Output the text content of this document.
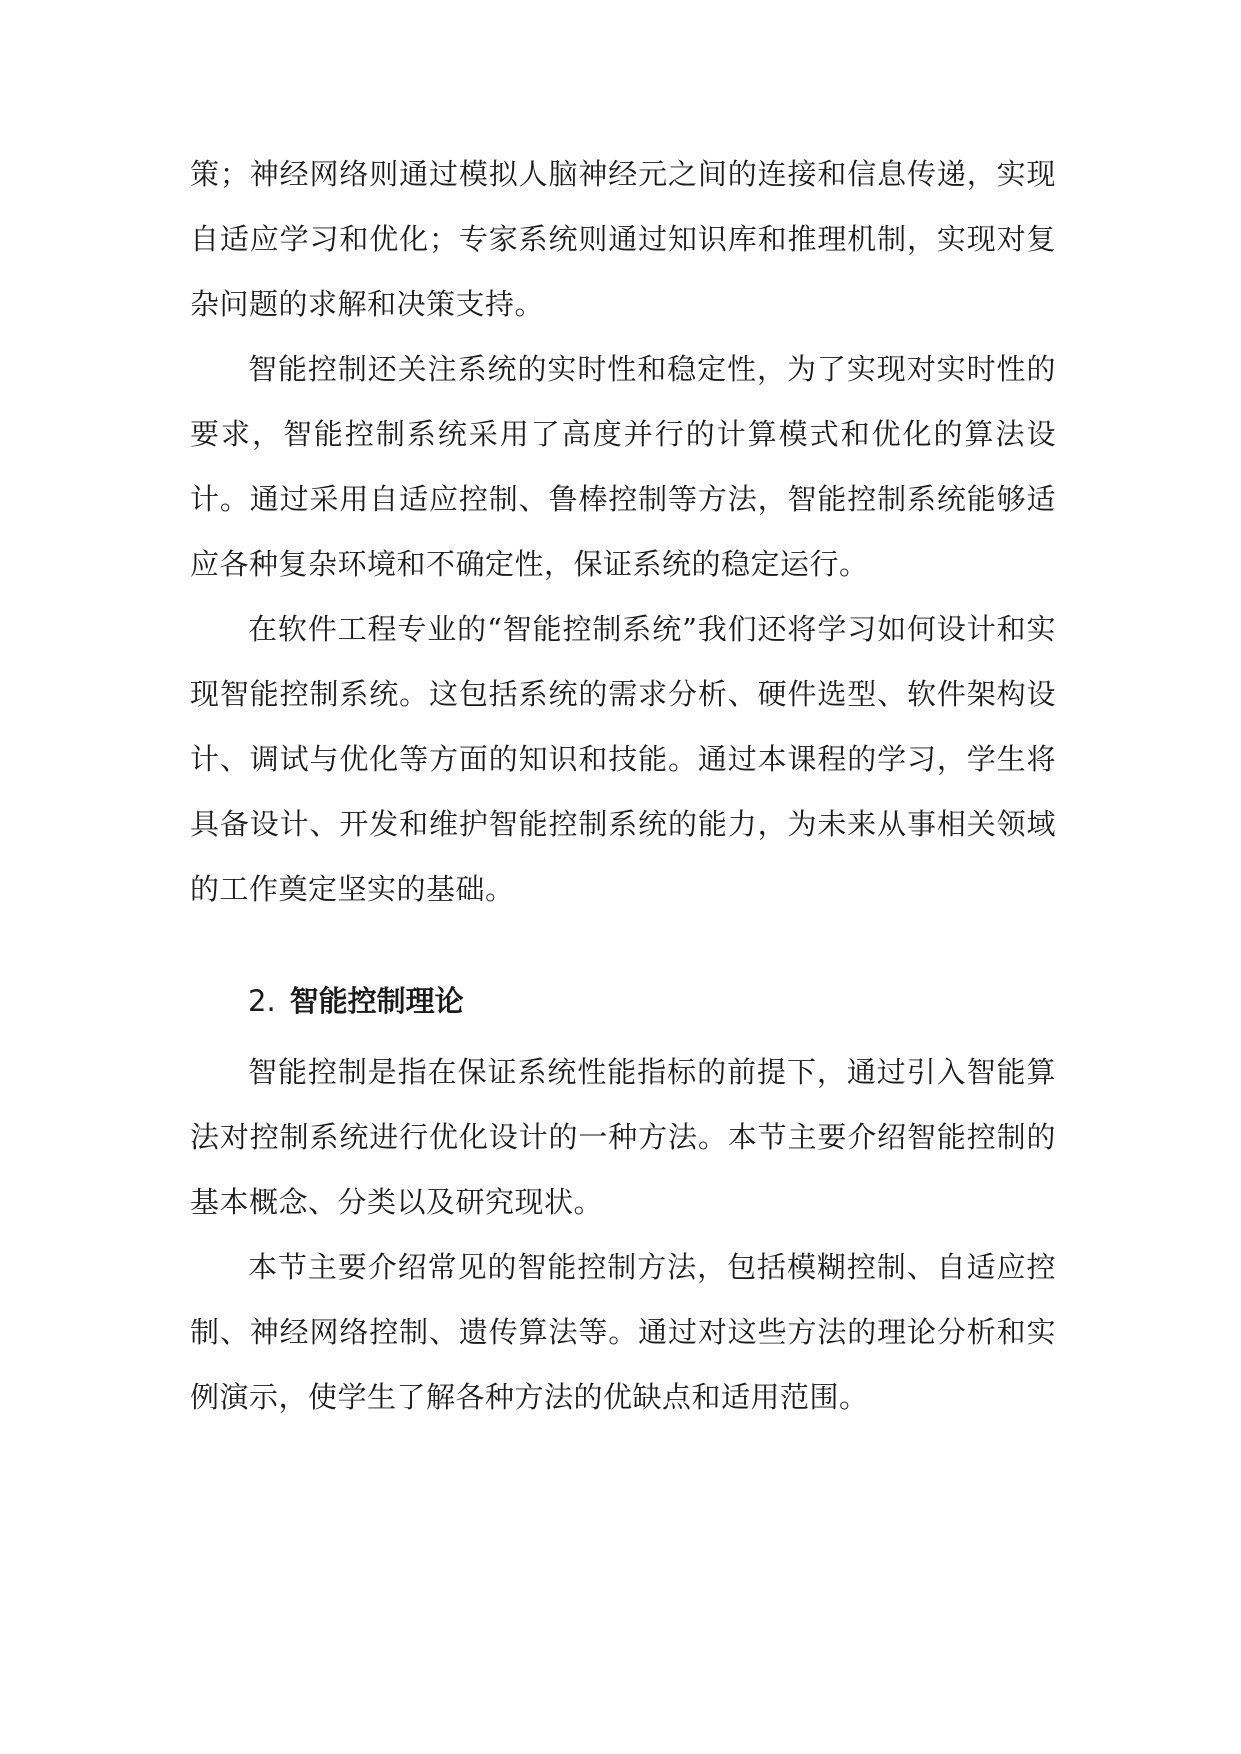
策；神经网络则通过模拟人脑神经元之间的连接和信息传递，实现自适应学习和优化；专家系统则通过知识库和推理机制，实现对复杂问题的求解和决策支持。

智能控制还关注系统的实时性和稳定性，为了实现对实时性的要求，智能控制系统采用了高度并行的计算模式和优化的算法设计。通过采用自适应控制、鲁棒控制等方法，智能控制系统能够适应各种复杂环境和不确定性，保证系统的稳定运行。

在软件工程专业的“智能控制系统”我们还将学习如何设计和实现智能控制系统。这包括系统的需求分析、硬件选型、软件架构设计、调试与优化等方面的知识和技能。通过本课程的学习，学生将具备设计、开发和维护智能控制系统的能力，为未来从事相关领域的工作奠定坚实的基础。

2. 智能控制理论

智能控制是指在保证系统性能指标的前提下，通过引入智能算法对控制系统进行优化设计的一种方法。本节主要介绍智能控制的基本概念、分类以及研究现状。

本节主要介绍常见的智能控制方法，包括模糊控制、自适应控制、神经网络控制、遗传算法等。通过对这些方法的理论分析和实例演示，使学生了解各种方法的优缺点和适用范围。
